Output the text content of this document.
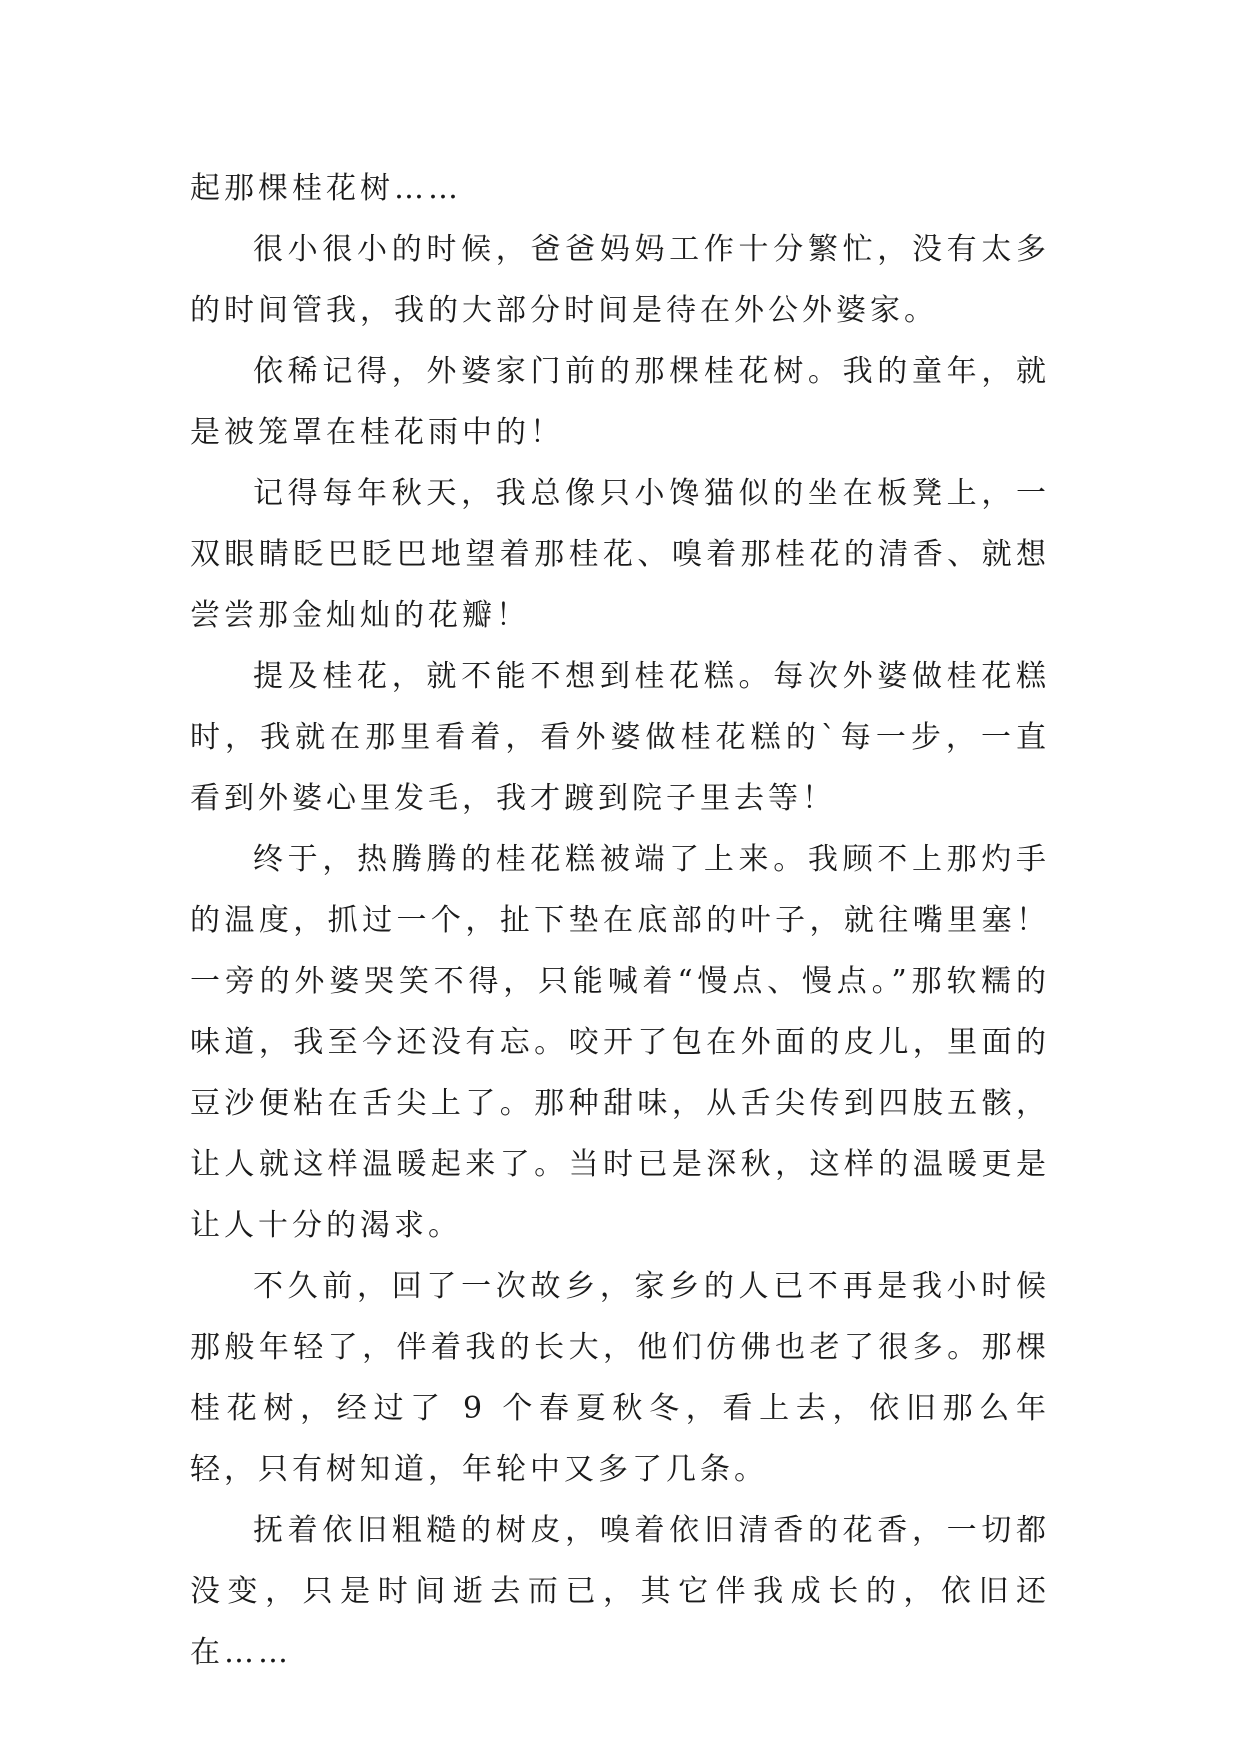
起那棵桂花树……

很小很小的时候，爸爸妈妈工作十分繁忙，没有太多的时间管我，我的大部分时间是待在外公外婆家。

依稀记得，外婆家门前的那棵桂花树。我的童年，就是被笼罩在桂花雨中的！

记得每年秋天，我总像只小馋猫似的坐在板凳上，一双眼睛眨巴眨巴地望着那桂花、嗅着那桂花的清香、就想尝尝那金灿灿的花瓣！

提及桂花，就不能不想到桂花糕。每次外婆做桂花糕时，我就在那里看着，看外婆做桂花糕的`每一步，一直看到外婆心里发毛，我才踱到院子里去等！

终于，热腾腾的桂花糕被端了上来。我顾不上那灼手的温度，抓过一个，扯下垫在底部的叶子，就往嘴里塞！一旁的外婆哭笑不得，只能喊着“慢点、慢点。”那软糯的味道，我至今还没有忘。咬开了包在外面的皮儿，里面的豆沙便粘在舌尖上了。那种甜味，从舌尖传到四肢五骸，让人就这样温暖起来了。当时已是深秋，这样的温暖更是让人十分的渴求。

不久前，回了一次故乡，家乡的人已不再是我小时候那般年轻了，伴着我的长大，他们仿佛也老了很多。那棵桂花树，经过了 9 个春夏秋冬，看上去，依旧那么年轻，只有树知道，年轮中又多了几条。

抚着依旧粗糙的树皮，嗅着依旧清香的花香，一切都没变，只是时间逝去而已，其它伴我成长的，依旧还在……
